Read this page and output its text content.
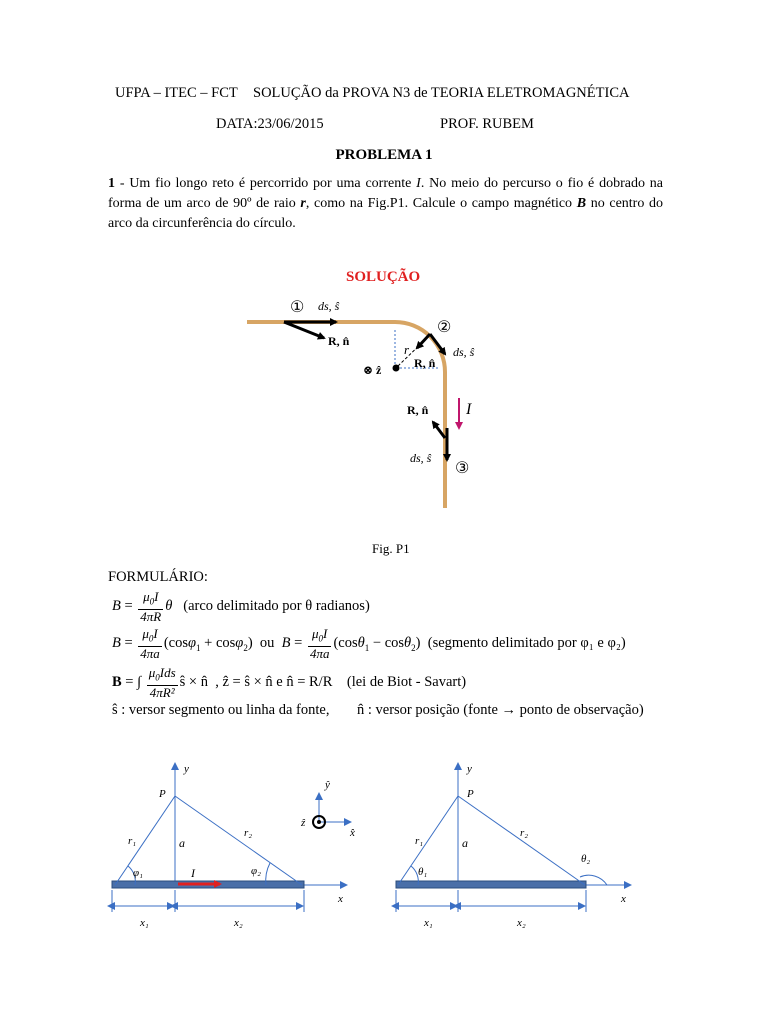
UFPA – ITEC – FCT SOLUÇÃO da PROVA N3 de TEORIA ELETROMAGNÉTICA
DATA:23/06/2015	PROF. RUBEM
PROBLEMA 1
1 - Um fio longo reto é percorrido por uma corrente I. No meio do percurso o fio é dobrado na forma de um arco de 90º de raio r, como na Fig.P1. Calcule o campo magnético B no centro do arco da circunferência do círculo.
SOLUÇÃO
① ds, ŝ
R, n̂
②
r
R, n̂
ds, ŝ
⊗ ẑ
I
R, n̂
ds, ŝ
③
Fig. P1
FORMULÁRIO:
$B = \frac{\mu_0I}{4\pi R}$ θ (arco delimitado por θ radianos)
$B = \frac{\mu_0I}{4\pi a} (\cos\varphi_1 + \cos\varphi_2)$  ou $B = \frac{\mu_0I}{4\pi a} (\cos\theta_1 - \cos\theta_2)$  (segmento delimitado por φ₁ e φ₂)
B = ∫ $\frac{\mu_0Ids}{\text{4πR²}}$ ŝ × n̂  , ẑ = ŝ × n̂ e n̂ = R/R (lei de Biot - Savart)
ŝ : versor segmento ou linha da fonte, n̂ : versor posição (fonte → ponto de observação)
y
P
r₁
r₂
a
φ₁	φ₂
I
x
x₁	x₂
ŷ
x̂
ẑ
y
P
r₁
r₂
a
θ₁
θ₂
x
x₁	x₂
